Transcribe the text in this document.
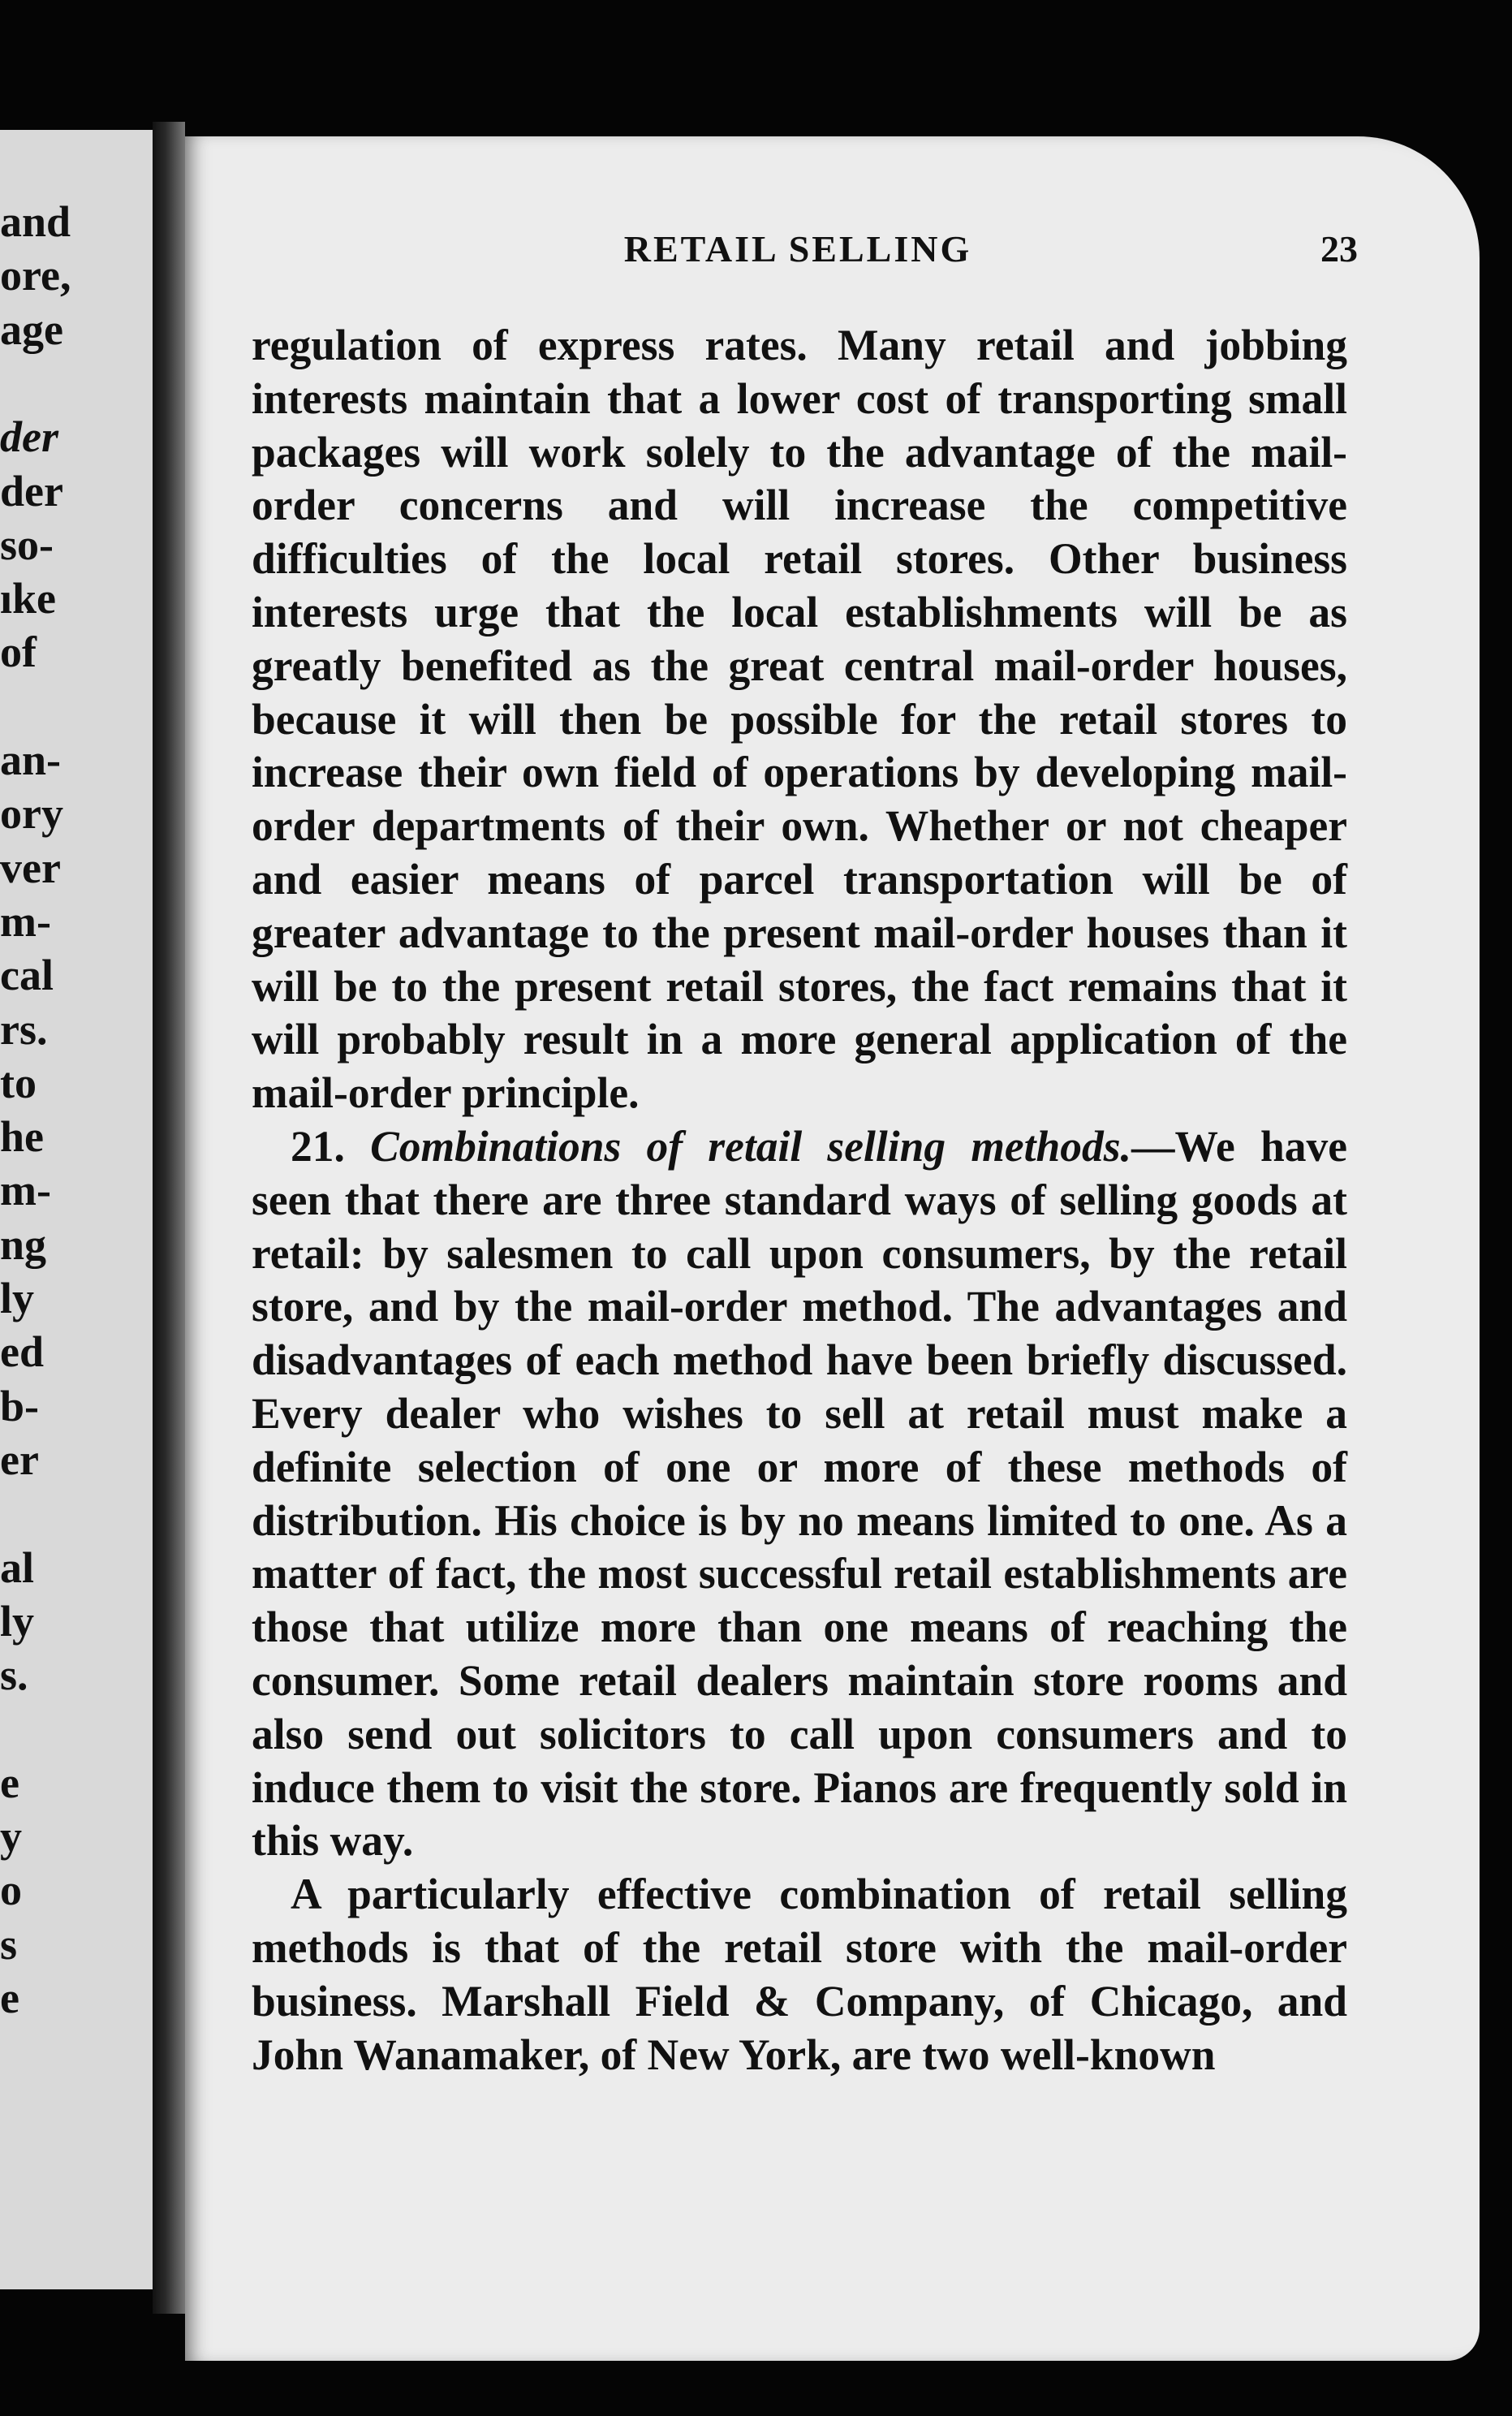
and
ore,
age
der
der
so-
ıke
of
an-
ory
ver
m-
cal
rs.
to
he
m-
ng
ly
ed
b-
er
al
ly
s.
e
y
o
s
e
RETAIL SELLING	23

regulation of express rates. Many retail and jobbing interests maintain that a lower cost of transporting small packages will work solely to the advantage of the mail-order concerns and will increase the competitive difficulties of the local retail stores. Other business interests urge that the local establishments will be as greatly benefited as the great central mail-order houses, because it will then be possible for the retail stores to increase their own field of operations by developing mail-order departments of their own. Whether or not cheaper and easier means of parcel transportation will be of greater advantage to the present mail-order houses than it will be to the present retail stores, the fact remains that it will probably result in a more general application of the mail-order principle.

21. Combinations of retail selling methods.—We have seen that there are three standard ways of selling goods at retail: by salesmen to call upon consumers, by the retail store, and by the mail-order method. The advantages and disadvantages of each method have been briefly discussed. Every dealer who wishes to sell at retail must make a definite selection of one or more of these methods of distribution. His choice is by no means limited to one. As a matter of fact, the most successful retail establishments are those that utilize more than one means of reaching the consumer. Some retail dealers maintain store rooms and also send out solicitors to call upon consumers and to induce them to visit the store. Pianos are frequently sold in this way.

A particularly effective combination of retail selling methods is that of the retail store with the mail-order business. Marshall Field & Company, of Chicago, and John Wanamaker, of New York, are two well-known
